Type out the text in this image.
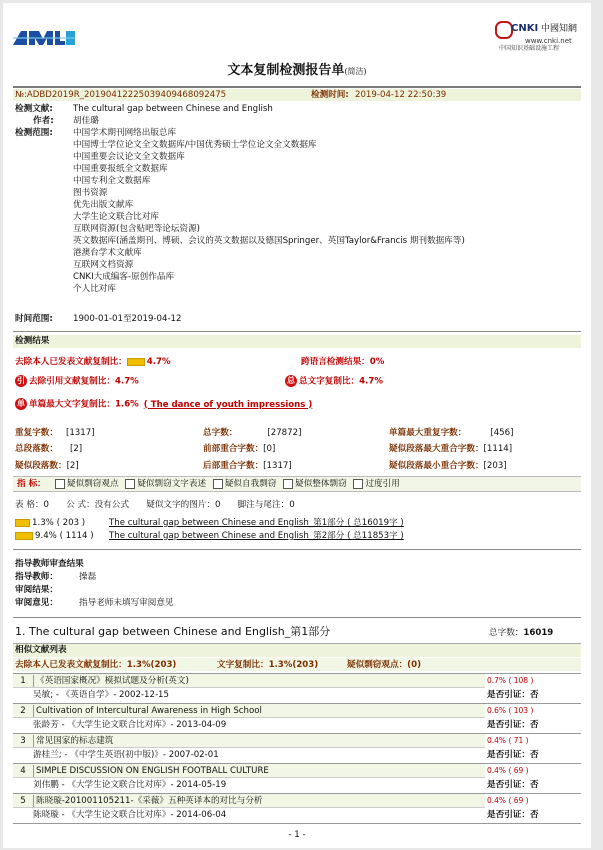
CNKI 中國知網
www.cnki.net
中国知识基础设施工程
文本复制检测报告单(简洁)
№:ADBD2019R_20190412225039409468092475	检测时间: 2019-04-12 22:50:39
检测文献: The cultural gap between Chinese and English
作者: 胡佳璐
检测范围: 中国学术期刊网络出版总库
中国博士学位论文全文数据库/中国优秀硕士学位论文全文数据库
中国重要会议论文全文数据库
中国重要报纸全文数据库
中国专利全文数据库
图书资源
优先出版文献库
大学生论文联合比对库
互联网资源(包含贴吧等论坛资源)
英文数据库(涵盖期刊、博硕、会议的英文数据以及德国Springer、英国Taylor&Francis 期刊数据库等)
港澳台学术文献库
互联网文档资源
CNKI大成编客-原创作品库
个人比对库
时间范围: 1900-01-01至2019-04-12
检测结果
去除本人已发表文献复制比： 4.7%	跨语言检测结果：0%
引 去除引用文献复制比：4.7%	总 总文字复制比：4.7%
单 单篇最大文字复制比：1.6% ( The dance of youth impressions )
重复字数： [1317]	总字数：	[27872]	单篇最大重复字数：	[456]
总段落数： [2]	前部重合字数：[0]	疑似段落最大重合字数：[1114]
疑似段落数：[2]	后部重合字数：[1317]	疑似段落最小重合字数：[203]
指 标：	疑似剽窃观点 疑似剽窃文字表述 疑似自我剽窃 疑似整体剽窃 过度引用
表 格：0　　公 式：没有公式　　疑似文字的图片：0　　脚注与尾注：0
1.3% ( 203 )	The cultural gap between Chinese and English_第1部分 ( 总16019字 )
9.4% ( 1114 ) The cultural gap between Chinese and English_第2部分 ( 总11853字 )
指导教师审查结果
指导教师： 操磊
审阅结果：
审阅意见： 指导老师未填写审阅意见
1. The cultural gap between Chinese and English_第1部分	总字数：16019
相似文献列表
去除本人已发表文献复制比：1.3%(203)	文字复制比：1.3%(203)	疑似剽窃观点：(0)
1	《英语国家概况》模拟试题及分析(英文)
吴敏; - 《英语自学》- 2002-12-15
0.7% ( 108 )
是否引证：否
2	Cultivation of Intercultural Awareness in High School
张龄芳 - 《大学生论文联合比对库》- 2013-04-09
0.6% ( 103 )
是否引证：否
3	常见国家的标志建筑
游桂兰; - 《中学生英语(初中版)》- 2007-02-01
0.4% ( 71 )
是否引证：否
4	SIMPLE DISCUSSION ON ENGLISH FOOTBALL CULTURE
刘伟鹏 - 《大学生论文联合比对库》- 2014-05-19
0.4% ( 69 )
是否引证：否
5	陈晓璇-201001105211-《采薇》五种英译本的对比与分析
陈晓璇 - 《大学生论文联合比对库》- 2014-06-04
0.4% ( 69 )
是否引证：否
- 1 -
